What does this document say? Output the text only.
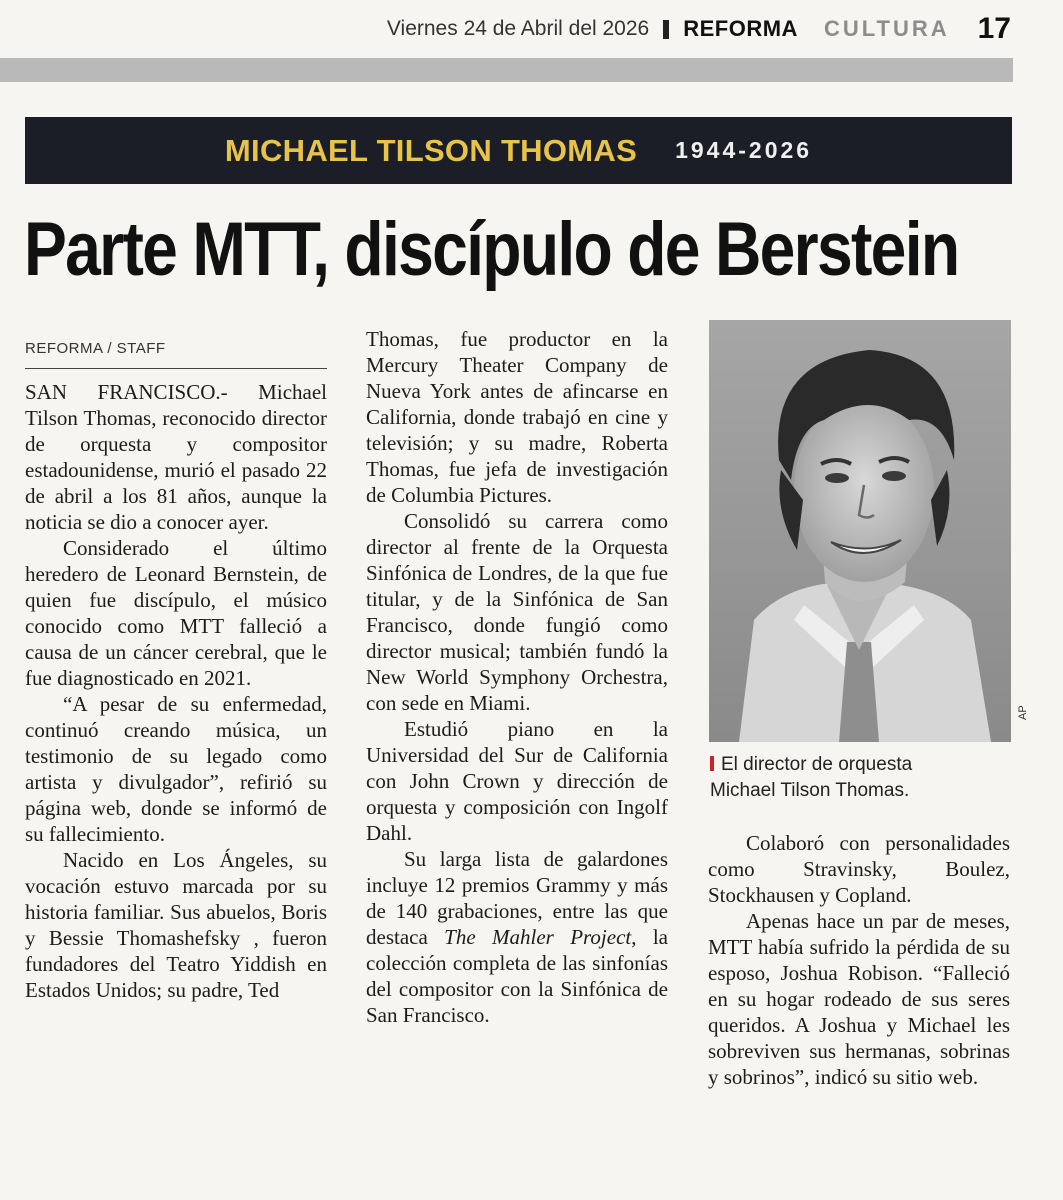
Viernes 24 de Abril del 2026 REFORMA CULTURA 17
MICHAEL TILSON THOMAS 1944-2026
Parte MTT, discípulo de Berstein
REFORMA / STAFF

SAN FRANCISCO.- Michael Tilson Thomas, reconocido director de orquesta y compositor estadounidense, murió el pasado 22 de abril a los 81 años, aunque la noticia se dio a conocer ayer.

Considerado el último heredero de Leonard Bernstein, de quien fue discípulo, el músico conocido como MTT falleció a causa de un cáncer cerebral, que le fue diagnosticado en 2021.

“A pesar de su enfermedad, continuó creando música, un testimonio de su legado como artista y divulgador”, refirió su página web, donde se informó de su fallecimiento.

Nacido en Los Ángeles, su vocación estuvo marcada por su historia familiar. Sus abuelos, Boris y Bessie Thomashefsky , fueron fundadores del Teatro Yiddish en Estados Unidos; su padre, Ted

Thomas, fue productor en la Mercury Theater Company de Nueva York antes de afincarse en California, donde trabajó en cine y televisión; y su madre, Roberta Thomas, fue jefa de investigación de Columbia Pictures.

Consolidó su carrera como director al frente de la Orquesta Sinfónica de Londres, de la que fue titular, y de la Sinfónica de San Francisco, donde fungió como director musical; también fundó la New World Symphony Orchestra, con sede en Miami.

Estudió piano en la Universidad del Sur de California con John Crown y dirección de orquesta y composición con Ingolf Dahl.

Su larga lista de galardones incluye 12 premios Grammy y más de 140 grabaciones, entre las que destaca The Mahler Project, la colección completa de las sinfonías del compositor con la Sinfónica de San Francisco.

AP
El director de orquesta
Michael Tilson Thomas.

Colaboró con personalidades como Stravinsky, Boulez, Stockhausen y Copland.

Apenas hace un par de meses, MTT había sufrido la pérdida de su esposo, Joshua Robison. “Falleció en su hogar rodeado de sus seres queridos. A Joshua y Michael les sobreviven sus hermanas, sobrinas y sobrinos”, indicó su sitio web.
